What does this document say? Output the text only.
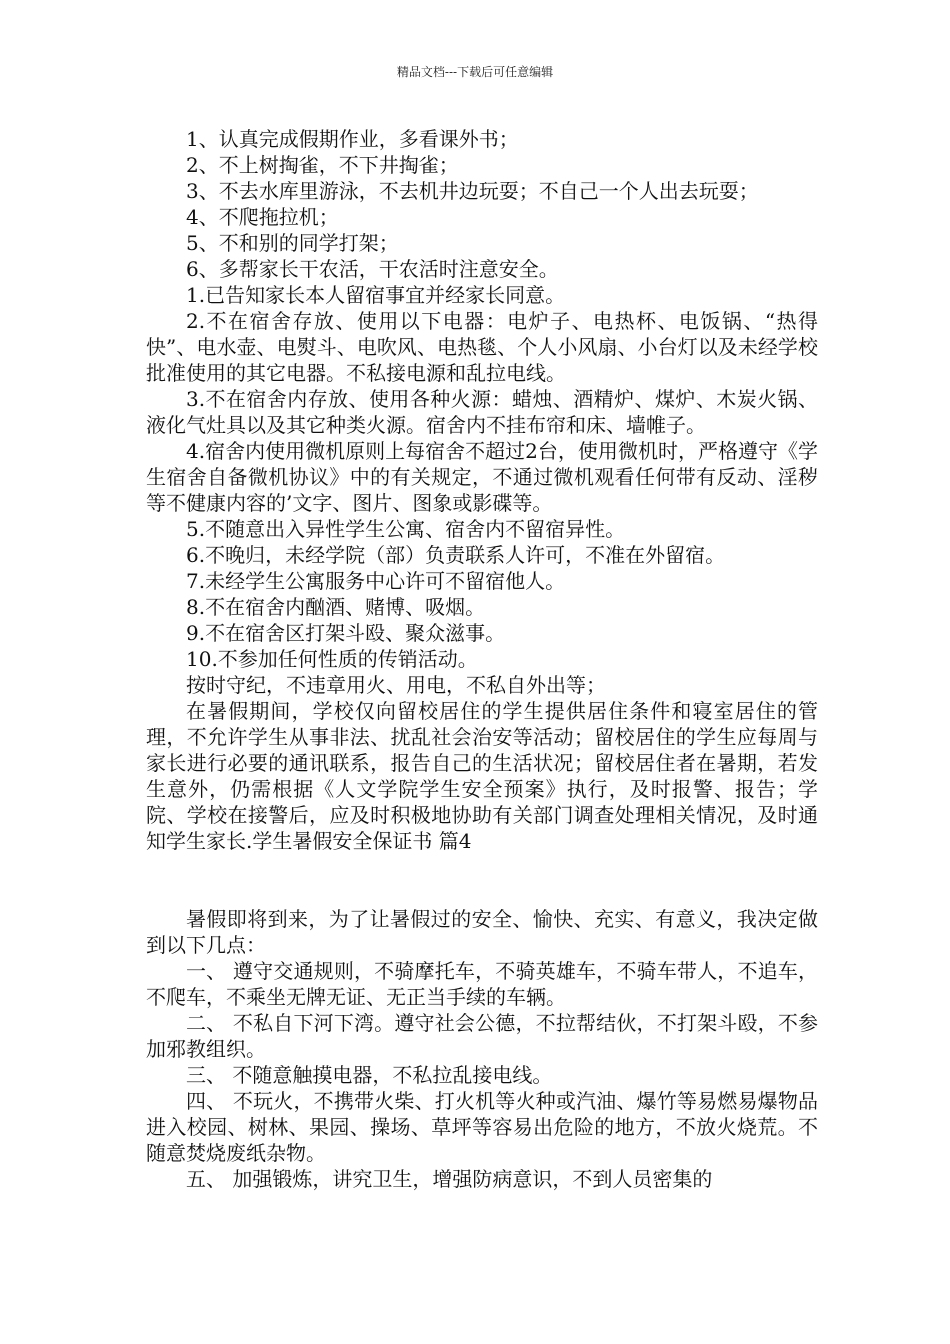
精品文档---下载后可任意编辑

1、认真完成假期作业，多看课外书；

2、不上树掏雀，不下井掏雀；

3、不去水库里游泳，不去机井边玩耍；不自己一个人出去玩耍；

4、不爬拖拉机；

5、不和别的同学打架；

6、多帮家长干农活，干农活时注意安全。

1.已告知家长本人留宿事宜并经家长同意。

2.不在宿舍存放、使用以下电器：电炉子、电热杯、电饭锅、“热得快”、电水壶、电熨斗、电吹风、电热毯、个人小风扇、小台灯以及未经学校批准使用的其它电器。不私接电源和乱拉电线。

3.不在宿舍内存放、使用各种火源：蜡烛、酒精炉、煤炉、木炭火锅、液化气灶具以及其它种类火源。宿舍内不挂布帘和床、墙帷子。

4.宿舍内使用微机原则上每宿舍不超过2台，使用微机时，严格遵守《学生宿舍自备微机协议》中的有关规定，不通过微机观看任何带有反动、淫秽等不健康内容的’文字、图片、图象或影碟等。

5.不随意出入异性学生公寓、宿舍内不留宿异性。

6.不晚归，未经学院（部）负责联系人许可，不准在外留宿。

7.未经学生公寓服务中心许可不留宿他人。

8.不在宿舍内酗酒、赌博、吸烟。

9.不在宿舍区打架斗殴、聚众滋事。

10.不参加任何性质的传销活动。

按时守纪，不违章用火、用电，不私自外出等；

在暑假期间，学校仅向留校居住的学生提供居住条件和寝室居住的管理，不允许学生从事非法、扰乱社会治安等活动；留校居住的学生应每周与家长进行必要的通讯联系，报告自己的生活状况；留校居住者在暑期，若发生意外，仍需根据《人文学院学生安全预案》执行，及时报警、报告；学院、学校在接警后，应及时积极地协助有关部门调查处理相关情况，及时通知学生家长.学生暑假安全保证书 篇4

暑假即将到来，为了让暑假过的安全、愉快、充实、有意义，我决定做到以下几点：

一、 遵守交通规则，不骑摩托车，不骑英雄车，不骑车带人，不追车，不爬车，不乘坐无牌无证、无正当手续的车辆。

二、 不私自下河下湾。遵守社会公德，不拉帮结伙，不打架斗殴，不参加邪教组织。

三、 不随意触摸电器，不私拉乱接电线。

四、 不玩火，不携带火柴、打火机等火种或汽油、爆竹等易燃易爆物品进入校园、树林、果园、操场、草坪等容易出危险的地方，不放火烧荒。不随意焚烧废纸杂物。

五、 加强锻炼，讲究卫生，增强防病意识，不到人员密集的
